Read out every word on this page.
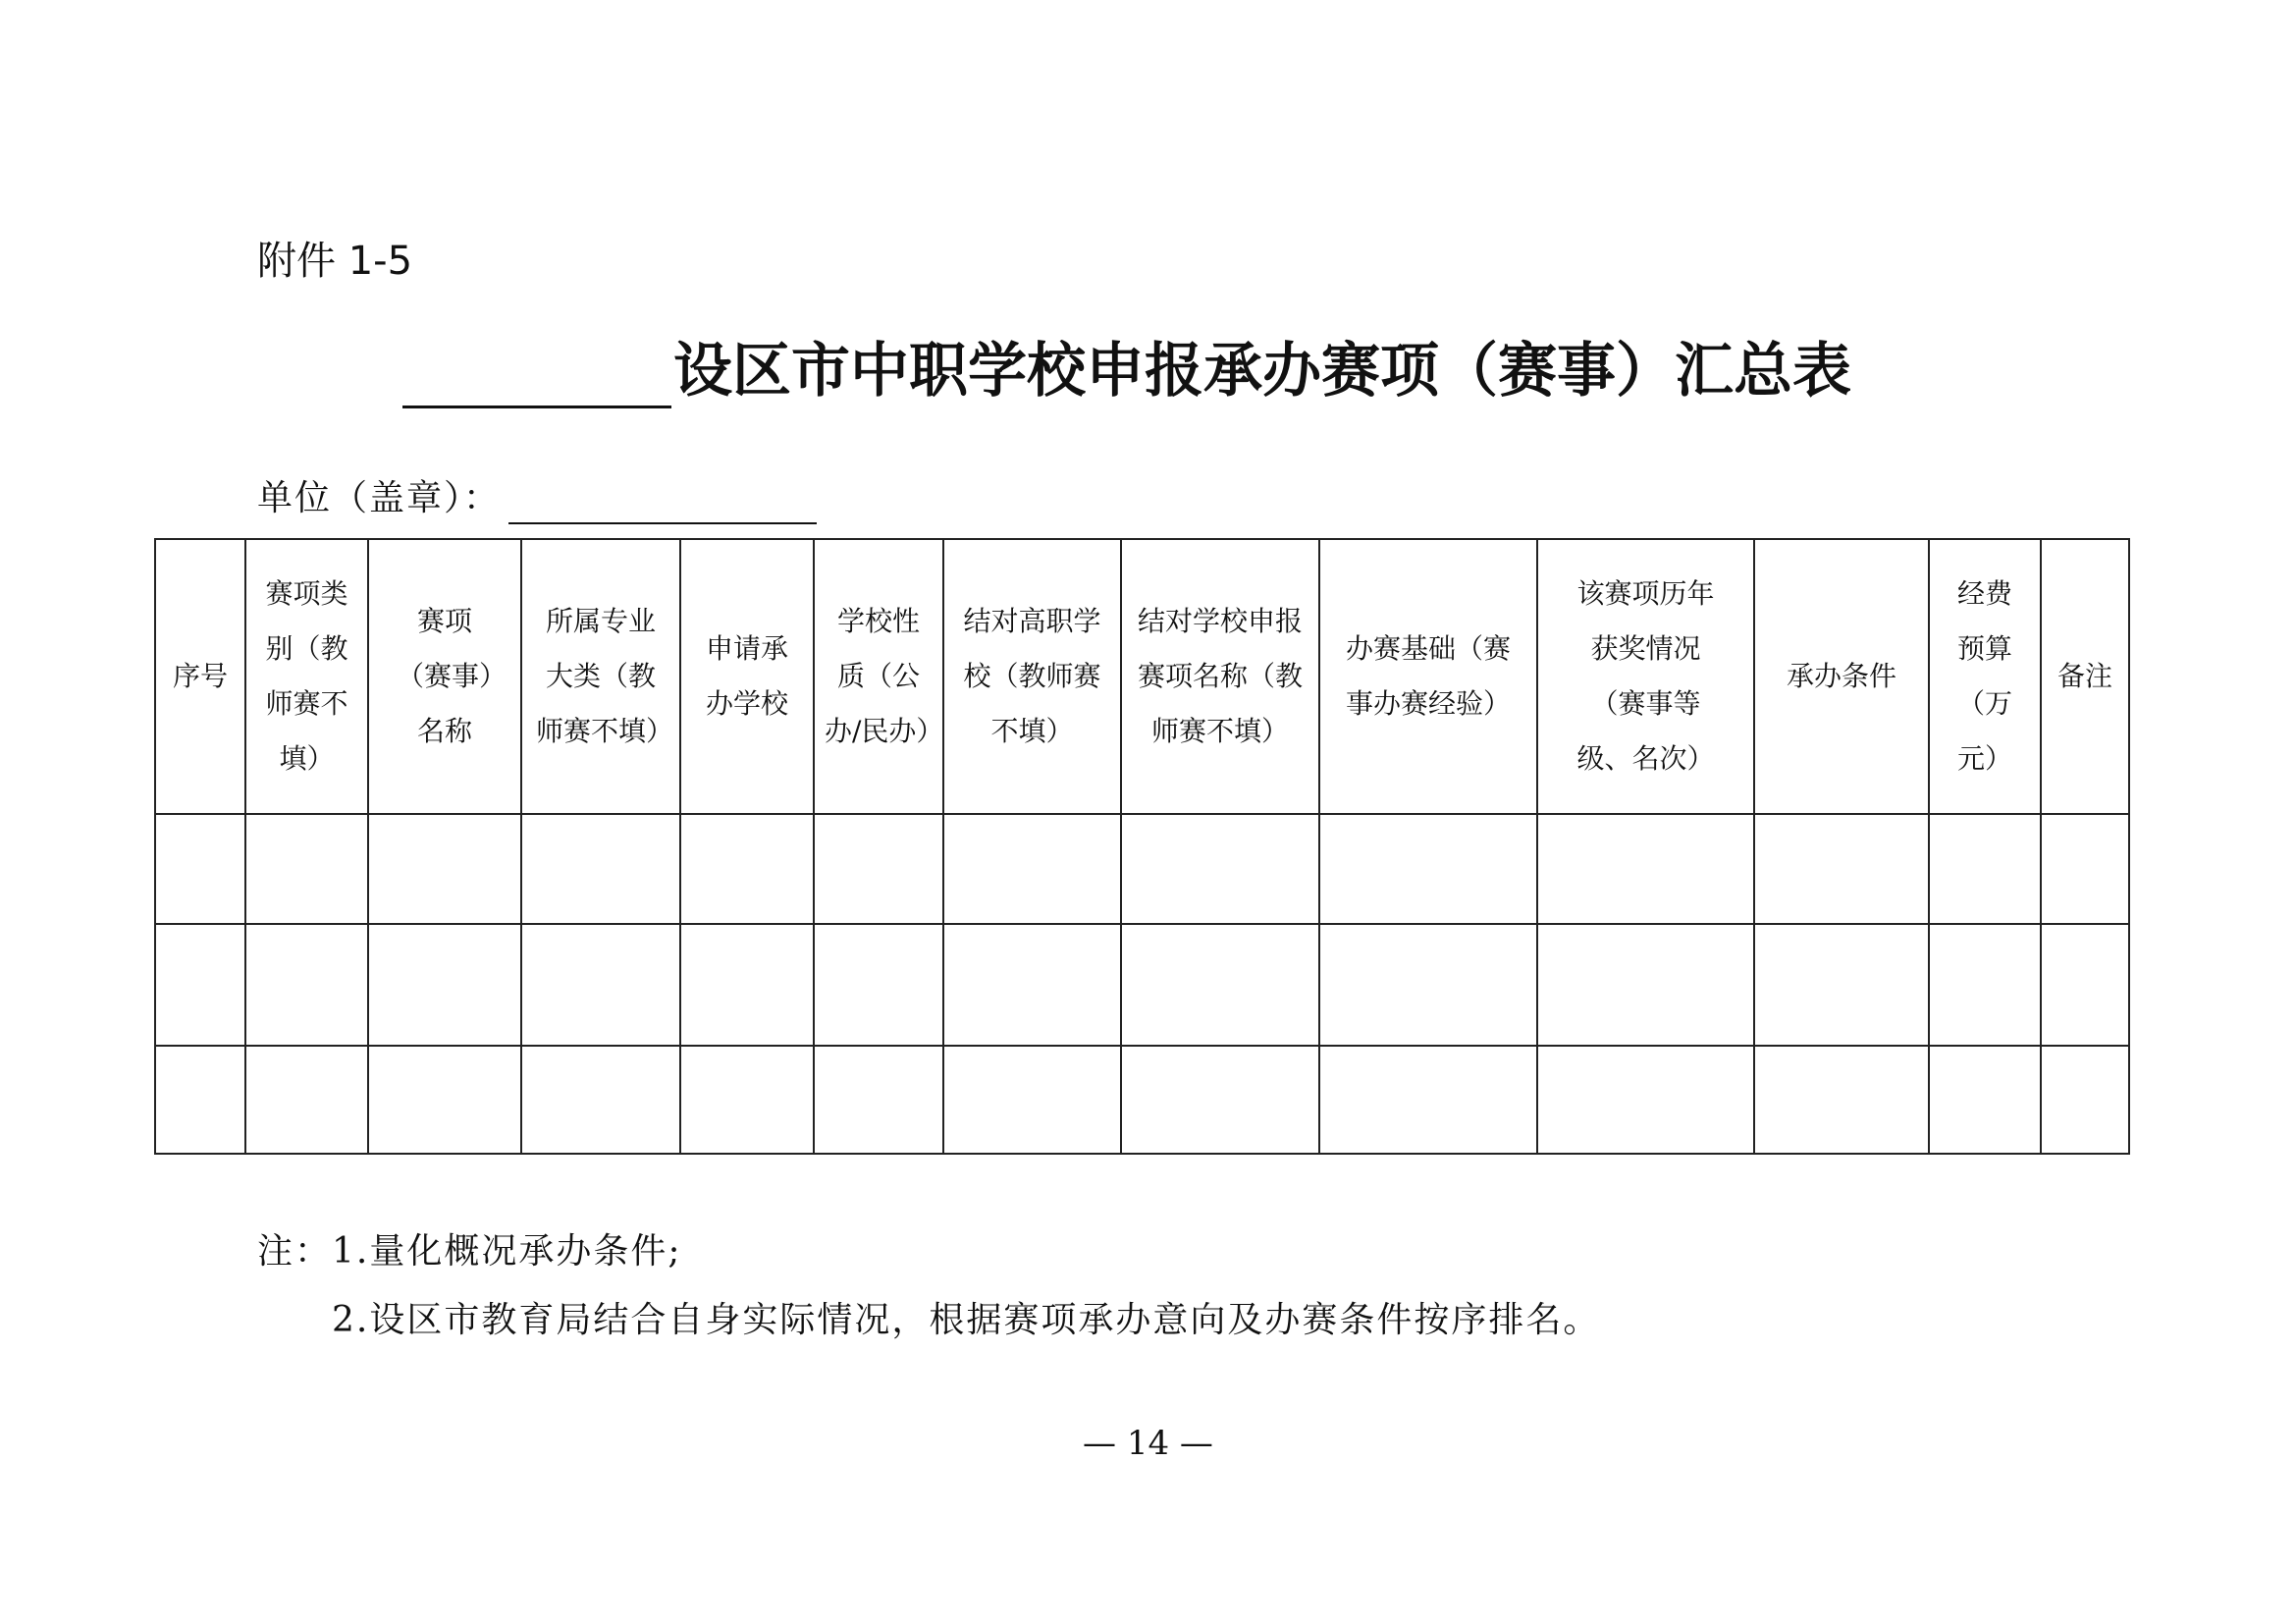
附件 1-5
设区市中职学校申报承办赛项（赛事）汇总表
单位（盖章）：
序号	赛项类别（教师赛不填）	赛项（赛事）名称	所属专业大类（教师赛不填）	申请承办学校	学校性质（公办/民办）	结对高职学校（教师赛不填）	结对学校申报赛项名称（教师赛不填）	办赛基础（赛事办赛经验）	该赛项历年获奖情况（赛事等级、名次）	承办条件	经费预算（万元）	备注

注：1.量化概况承办条件;
2.设区市教育局结合自身实际情况，根据赛项承办意向及办赛条件按序排名。
— 14 —
